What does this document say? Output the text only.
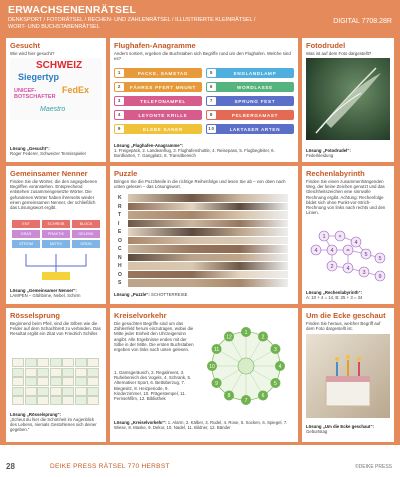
ERWACHSENENRÄTSEL
DENKSPORT / FOTORÄTSEL / RECHEN- UND ZAHLENRÄTSEL / ILLUSTRIERTE KLEINRÄTSEL / WORT- UND BUCHSTABENRÄTSEL
DIGITAL 7708.28R
Gesucht
Wie wird hier gesucht?
SCHWEIZ
Siegertyp
FedEx
UNICEF-BOTSCHAFTER
Maestro
Lösung „Gesucht“:
Roger Federer, Schweizer Tennisspieler
Flughafen-Anagramme
Anders sortiert, ergeben die Buchstaben sich Begriffe rund um den Flughafen. Welche sind es?
1	PACKE, SAMSTAG	5	ENGLANDLAMP
2	FÄHRES PFERT MNUNT	6	WORDLASSE
3	TELEFONAMPEL	7	SPRUNG FEST
4	LEYONTE KRILLE	8	PELBERGAMAST
9	ELSBE SANER	10	LAKTASER ARTEN
Lösung „Flughafen-Anagramme“:
1. Freigepäck, 2. Landeanflug, 3. Flughafenshuttle, 4. Reisepass, 5. Flugbegleiter, 6. Bordkarten, 7. Gangplatz, 8. Transitbereich
Fotodrudel
Was ist auf dem Foto dargestellt?
Lösung „Fotodrudel“:
Federkleidung
Gemeinsamer Nenner
Finden Sie die Wörter, die den angegebenen Begriffen voranstehen. Entsprechend entstehen zusammengesetzte Wörter. Die gefundenen Wörter haben ihrerseits wieder einen gemeinsamen Nenner, der schließlich das Lösungswort ergibt.
ENT	SCHREIB	BLOCK
GRAS	PRAKTIK	GELENK
STROM	MOTIV	GRÜN
Lösung „Gemeinsamer Nenner“:
LAMPEN – Glühbirne, Nebel, Schirm
Puzzle
Bringen Sie die Puzzleteile in die richtige Reihenfolge und lesen Sie ab – von oben nach unten gelesen – das Lösungswort.
K
R
T
I
E
O
C
N
H
O
S
Lösung „Puzzle“: SCHOTTERREISE
Rechenlabyrinth
Finden Sie einen zusammenhängenden Weg, der keine Zeichen genutzt und das Gleichheitszeichen eine sinnvolle Rechnung ergibt. Achtung: Rechenfolge bildet sich ohne Punkt-vor-Strich-Rechnung von links nach rechts und den Linien.
1 ×
4
4 4 =
5
5
2 4
3
9
Lösung „Rechenlabyrinth“:
A: 10 + 4 = 14, B: 25 + 3 = 34
Rösselsprung
Beginnend beim Pfeil, sind die Silben wie die Felder auf dem Schachbrett zu verbinden. Das Resultat ergibt ein Zitat von Friedrich Schiller.
Lösung „Rösselsprung“:
„Scheut du hier die Schönheit im Augenblick des Lebens, niemals Gestohlenes sich deiner gegeben.“
Kreiselvorkehr
Die gesuchten Begriffe sind um das Zahlenfeld herum einzutragen, wobei die Mitte jeder Einheit den Uhrzeigersinn angibt. Alle Ergebnisse enden mit der Silbe in der Mitte. Die ersten Buchstaben ergeben von links nach unten gelesen.
1. Gamsgeräusch, 2. Regaliment, 3. Ruhebereich des Vogels, 4. Schrank, 5. Alternativer Sport, 6. Bettüberzug, 7. Biegesitz, 8. Heizperiode, 9. Kinderzimmer, 10. Prägestempel, 11. Fernsehfilm, 12. Bibliothek
1
2
3
4
5
6
7
8
9
10
11
12
Lösung „Kreiselvorkehr“: 1. Alarm, 2. Kälber, 3. Rudel, 4. Rose, 5. Socken, 6. Spiegel, 7. Wiese, 8. Maske, 9. Dekor, 10. Nadel, 11. Bildner, 12. Bänder
Um die Ecke geschaut
Finden Sie heraus, welcher Begriff auf dem Foto dargestellt ist.
Lösung „Um die Ecke geschaut“:
Geburtstag
28	DEIKE PRESS RÄTSEL 770 HERBST	©DEIKE PRESS
